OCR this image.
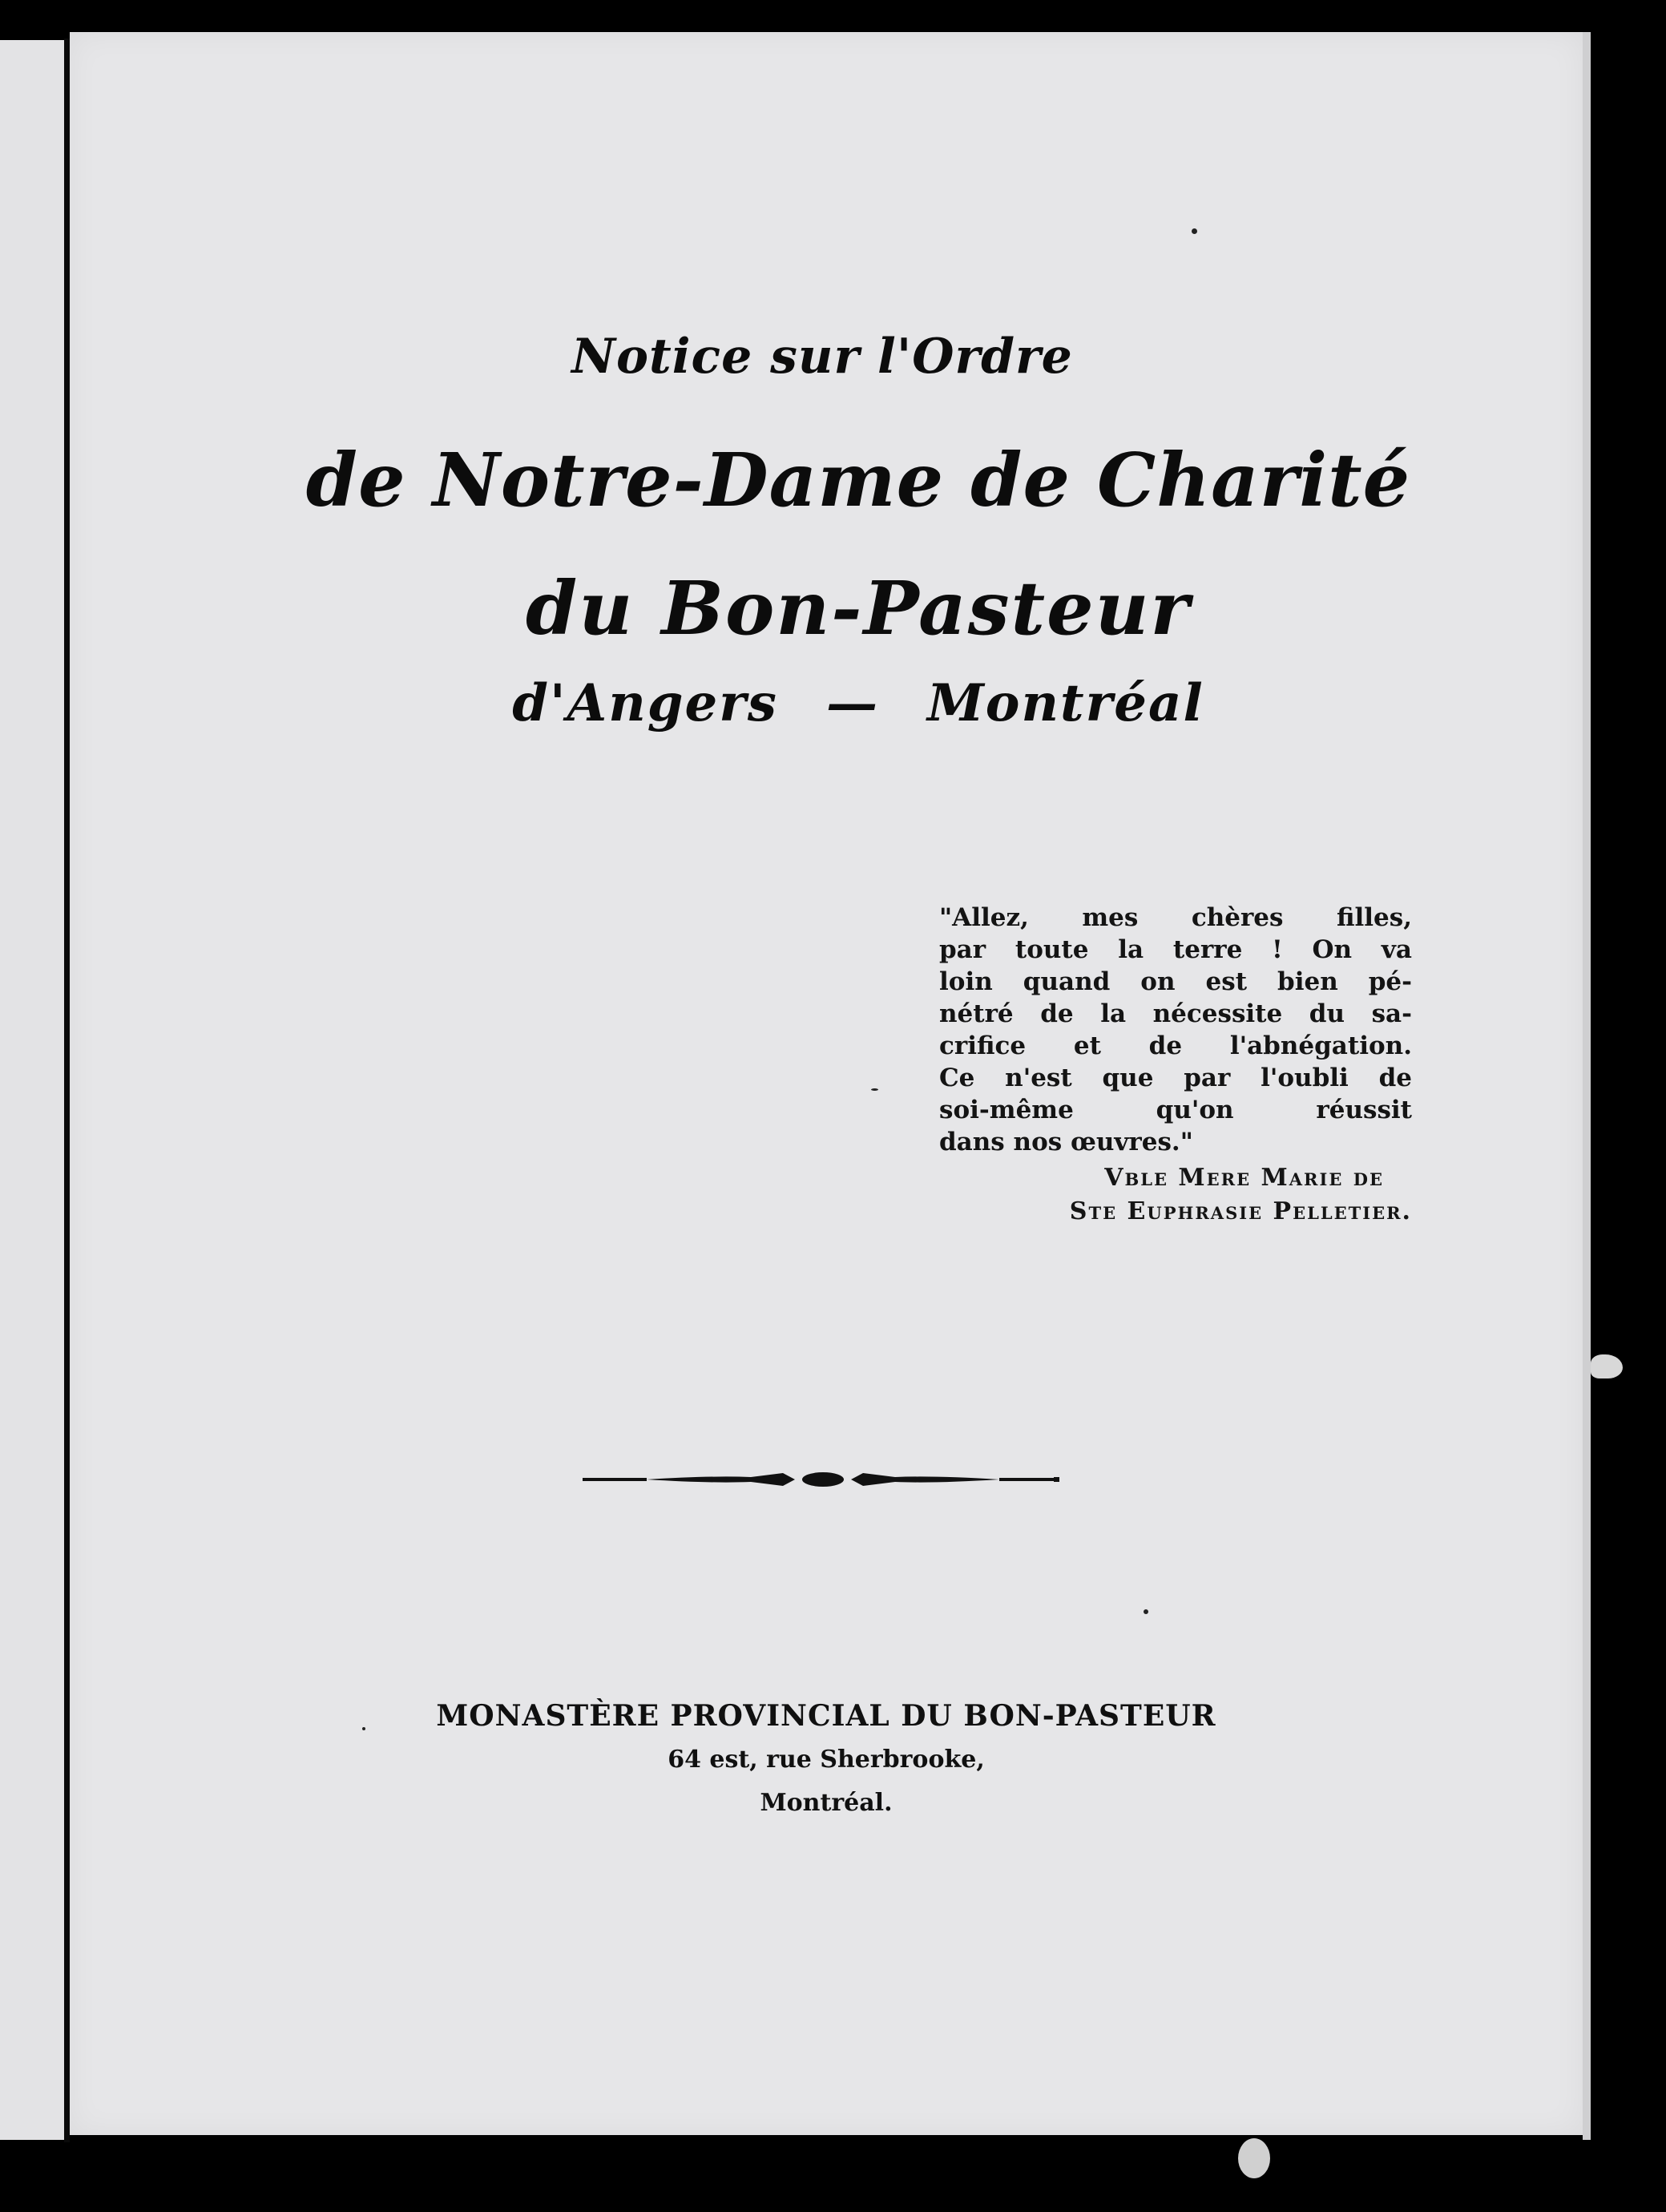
Notice sur l'Ordre
de Notre-Dame de Charité
du Bon-Pasteur
d'Angers — Montréal
"Allez, mes chères filles,
par toute la terre ! On va
loin quand on est bien pé-
nétré de la nécessite du sa-
crifice et de l'abnégation.
Ce n'est que par l'oubli de
soi-même qu'on réussit
dans nos œuvres."
Vble Mere Marie de
Ste Euphrasie Pelletier.
MONASTÈRE PROVINCIAL DU BON-PASTEUR
64 est, rue Sherbrooke,
Montréal.
